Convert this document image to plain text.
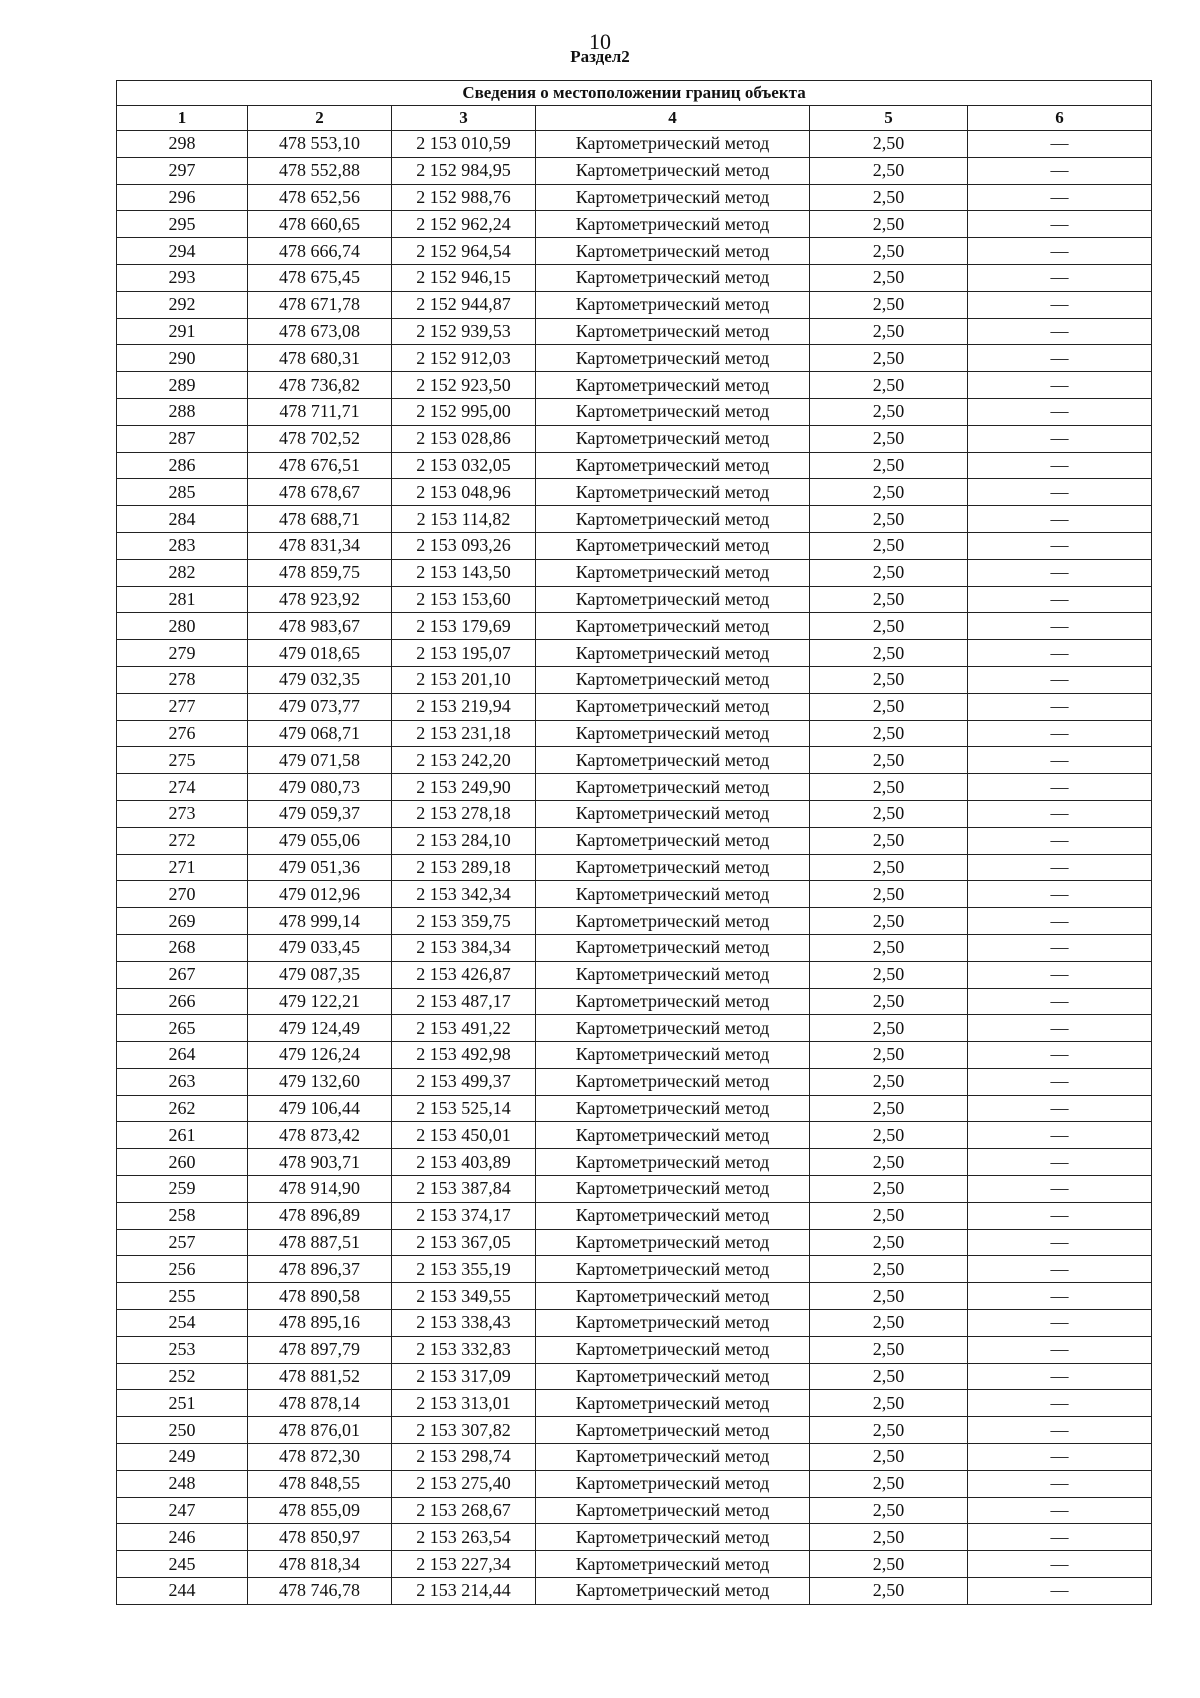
10
Раздел2
Сведения о местоположении границ объекта					
1	2	3	4	5	6
298	478 553,10	2 153 010,59	Картометрический метод	2,50	—
297	478 552,88	2 152 984,95	Картометрический метод	2,50	—
296	478 652,56	2 152 988,76	Картометрический метод	2,50	—
295	478 660,65	2 152 962,24	Картометрический метод	2,50	—
294	478 666,74	2 152 964,54	Картометрический метод	2,50	—
293	478 675,45	2 152 946,15	Картометрический метод	2,50	—
292	478 671,78	2 152 944,87	Картометрический метод	2,50	—
291	478 673,08	2 152 939,53	Картометрический метод	2,50	—
290	478 680,31	2 152 912,03	Картометрический метод	2,50	—
289	478 736,82	2 152 923,50	Картометрический метод	2,50	—
288	478 711,71	2 152 995,00	Картометрический метод	2,50	—
287	478 702,52	2 153 028,86	Картометрический метод	2,50	—
286	478 676,51	2 153 032,05	Картометрический метод	2,50	—
285	478 678,67	2 153 048,96	Картометрический метод	2,50	—
284	478 688,71	2 153 114,82	Картометрический метод	2,50	—
283	478 831,34	2 153 093,26	Картометрический метод	2,50	—
282	478 859,75	2 153 143,50	Картометрический метод	2,50	—
281	478 923,92	2 153 153,60	Картометрический метод	2,50	—
280	478 983,67	2 153 179,69	Картометрический метод	2,50	—
279	479 018,65	2 153 195,07	Картометрический метод	2,50	—
278	479 032,35	2 153 201,10	Картометрический метод	2,50	—
277	479 073,77	2 153 219,94	Картометрический метод	2,50	—
276	479 068,71	2 153 231,18	Картометрический метод	2,50	—
275	479 071,58	2 153 242,20	Картометрический метод	2,50	—
274	479 080,73	2 153 249,90	Картометрический метод	2,50	—
273	479 059,37	2 153 278,18	Картометрический метод	2,50	—
272	479 055,06	2 153 284,10	Картометрический метод	2,50	—
271	479 051,36	2 153 289,18	Картометрический метод	2,50	—
270	479 012,96	2 153 342,34	Картометрический метод	2,50	—
269	478 999,14	2 153 359,75	Картометрический метод	2,50	—
268	479 033,45	2 153 384,34	Картометрический метод	2,50	—
267	479 087,35	2 153 426,87	Картометрический метод	2,50	—
266	479 122,21	2 153 487,17	Картометрический метод	2,50	—
265	479 124,49	2 153 491,22	Картометрический метод	2,50	—
264	479 126,24	2 153 492,98	Картометрический метод	2,50	—
263	479 132,60	2 153 499,37	Картометрический метод	2,50	—
262	479 106,44	2 153 525,14	Картометрический метод	2,50	—
261	478 873,42	2 153 450,01	Картометрический метод	2,50	—
260	478 903,71	2 153 403,89	Картометрический метод	2,50	—
259	478 914,90	2 153 387,84	Картометрический метод	2,50	—
258	478 896,89	2 153 374,17	Картометрический метод	2,50	—
257	478 887,51	2 153 367,05	Картометрический метод	2,50	—
256	478 896,37	2 153 355,19	Картометрический метод	2,50	—
255	478 890,58	2 153 349,55	Картометрический метод	2,50	—
254	478 895,16	2 153 338,43	Картометрический метод	2,50	—
253	478 897,79	2 153 332,83	Картометрический метод	2,50	—
252	478 881,52	2 153 317,09	Картометрический метод	2,50	—
251	478 878,14	2 153 313,01	Картометрический метод	2,50	—
250	478 876,01	2 153 307,82	Картометрический метод	2,50	—
249	478 872,30	2 153 298,74	Картометрический метод	2,50	—
248	478 848,55	2 153 275,40	Картометрический метод	2,50	—
247	478 855,09	2 153 268,67	Картометрический метод	2,50	—
246	478 850,97	2 153 263,54	Картометрический метод	2,50	—
245	478 818,34	2 153 227,34	Картометрический метод	2,50	—
244	478 746,78	2 153 214,44	Картометрический метод	2,50	—
